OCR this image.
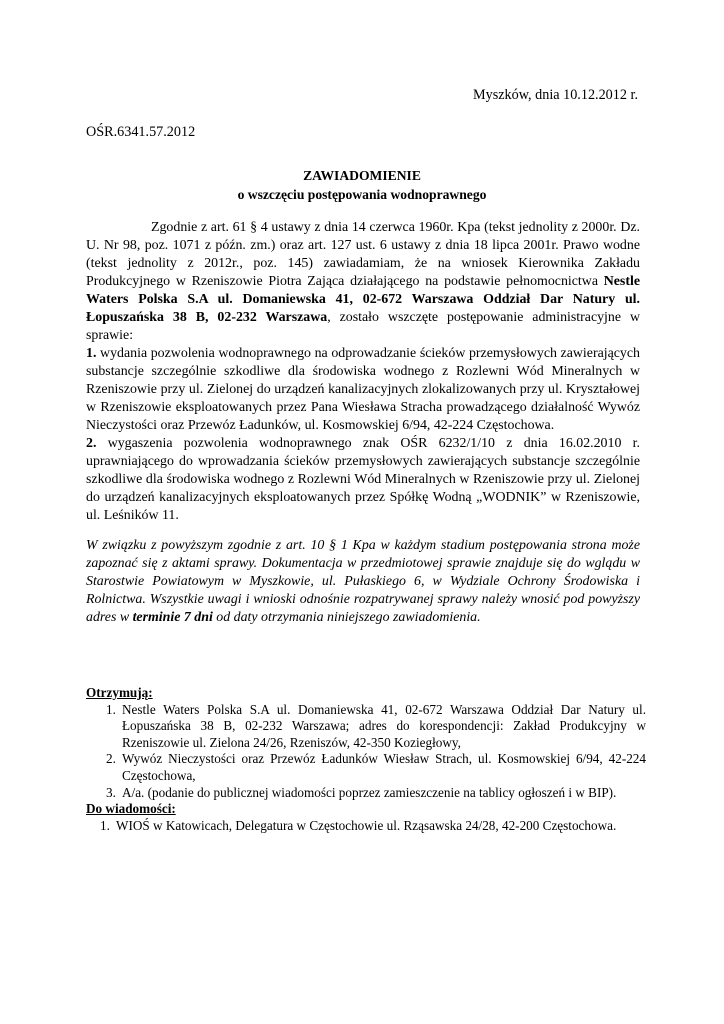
Myszków, dnia 10.12.2012 r.
OŚR.6341.57.2012
ZAWIADOMIENIE
o wszczęciu postępowania wodnoprawnego

Zgodnie z art. 61 § 4 ustawy z dnia 14 czerwca 1960r. Kpa (tekst jednolity z 2000r. Dz. U. Nr 98, poz. 1071 z późn. zm.) oraz art. 127 ust. 6 ustawy z dnia 18 lipca 2001r. Prawo wodne (tekst jednolity z 2012r., poz. 145) zawiadamiam, że na wniosek Kierownika Zakładu Produkcyjnego w Rzeniszowie Piotra Zająca działającego na podstawie pełnomocnictwa Nestle Waters Polska S.A ul. Domaniewska 41, 02-672 Warszawa Oddział Dar Natury ul. Łopuszańska 38 B, 02-232 Warszawa, zostało wszczęte postępowanie administracyjne w sprawie:

1. wydania pozwolenia wodnoprawnego na odprowadzanie ścieków przemysłowych zawierających substancje szczególnie szkodliwe dla środowiska wodnego z Rozlewni Wód Mineralnych w Rzeniszowie przy ul. Zielonej do urządzeń kanalizacyjnych zlokalizowanych przy ul. Kryształowej w Rzeniszowie eksploatowanych przez Pana Wiesława Stracha prowadzącego działalność Wywóz Nieczystości oraz Przewóz Ładunków, ul. Kosmowskiej 6/94, 42-224 Częstochowa.

2. wygaszenia pozwolenia wodnoprawnego znak OŚR 6232/1/10 z dnia 16.02.2010 r. uprawniającego do wprowadzania ścieków przemysłowych zawierających substancje szczególnie szkodliwe dla środowiska wodnego z Rozlewni Wód Mineralnych w Rzeniszowie przy ul. Zielonej do urządzeń kanalizacyjnych eksploatowanych przez Spółkę Wodną „WODNIK” w Rzeniszowie, ul. Leśników 11.

W związku z powyższym zgodnie z art. 10 § 1 Kpa w każdym stadium postępowania strona może zapoznać się z aktami sprawy. Dokumentacja w przedmiotowej sprawie znajduje się do wglądu w Starostwie Powiatowym w Myszkowie, ul. Pułaskiego 6, w Wydziale Ochrony Środowiska i Rolnictwa. Wszystkie uwagi i wnioski odnośnie rozpatrywanej sprawy należy wnosić pod powyższy adres w terminie 7 dni od daty otrzymania niniejszego zawiadomienia.

Otrzymują:
1. Nestle Waters Polska S.A ul. Domaniewska 41, 02-672 Warszawa Oddział Dar Natury ul. Łopuszańska 38 B, 02-232 Warszawa; adres do korespondencji: Zakład Produkcyjny w Rzeniszowie ul. Zielona 24/26, Rzeniszów, 42-350 Koziegłowy,
2. Wywóz Nieczystości oraz Przewóz Ładunków Wiesław Strach, ul. Kosmowskiej 6/94, 42-224 Częstochowa,
3. A/a. (podanie do publicznej wiadomości poprzez zamieszczenie na tablicy ogłoszeń i w BIP).
Do wiadomości:
1. WIOŚ w Katowicach, Delegatura w Częstochowie ul. Rząsawska 24/28, 42-200 Częstochowa.
